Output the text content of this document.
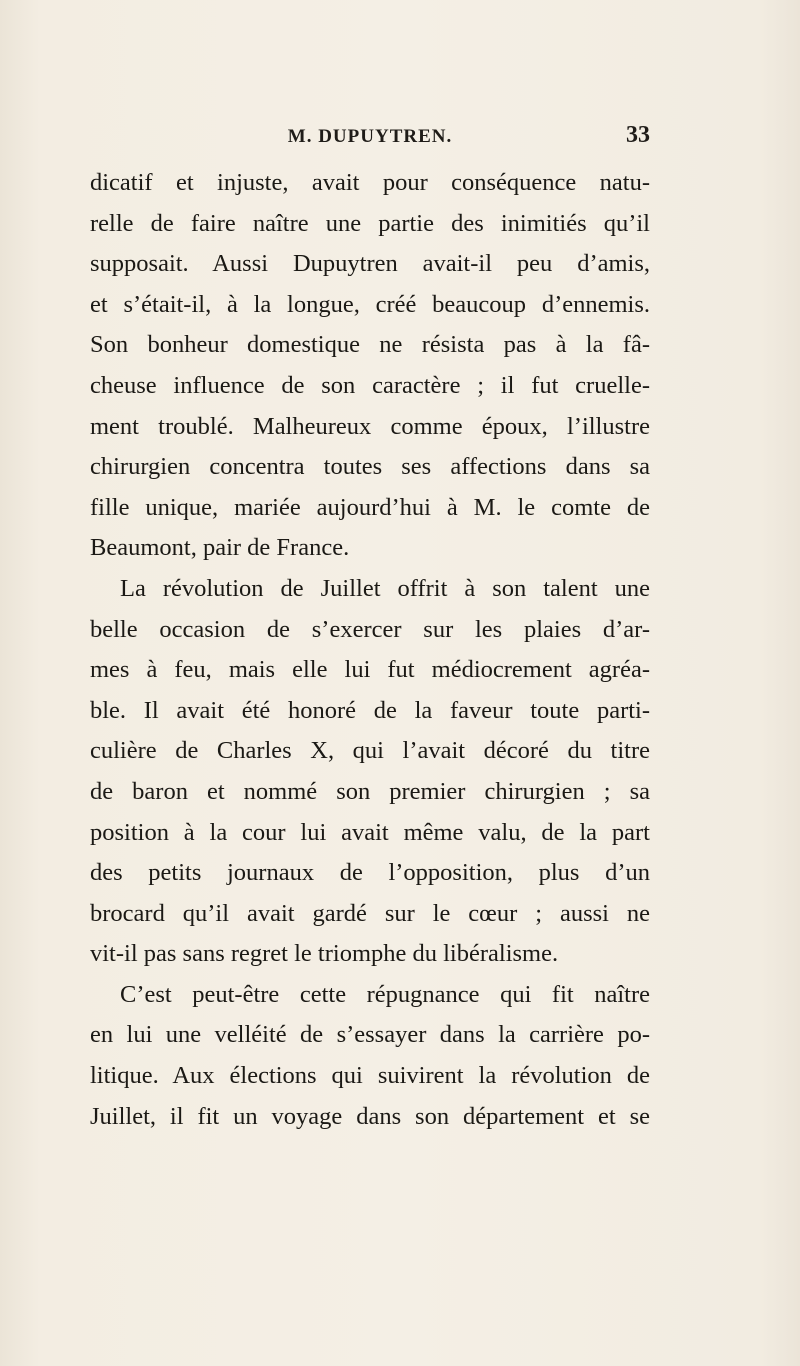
M. DUPUYTREN.	33
dicatif et injuste, avait pour conséquence natu-
relle de faire naître une partie des inimitiés qu’il
supposait. Aussi Dupuytren avait-il peu d’amis,
et s’était-il, à la longue, créé beaucoup d’ennemis.
Son bonheur domestique ne résista pas à la fâ-
cheuse influence de son caractère ; il fut cruelle-
ment troublé. Malheureux comme époux, l’illustre
chirurgien concentra toutes ses affections dans sa
fille unique, mariée aujourd’hui à M. le comte de
Beaumont, pair de France.
La révolution de Juillet offrit à son talent une
belle occasion de s’exercer sur les plaies d’ar-
mes à feu, mais elle lui fut médiocrement agréa-
ble. Il avait été honoré de la faveur toute parti-
culière de Charles X, qui l’avait décoré du titre
de baron et nommé son premier chirurgien ; sa
position à la cour lui avait même valu, de la part
des petits journaux de l’opposition, plus d’un
brocard qu’il avait gardé sur le cœur ; aussi ne
vit-il pas sans regret le triomphe du libéralisme.
C’est peut-être cette répugnance qui fit naître
en lui une velléité de s’essayer dans la carrière po-
litique. Aux élections qui suivirent la révolution de
Juillet, il fit un voyage dans son département et se
